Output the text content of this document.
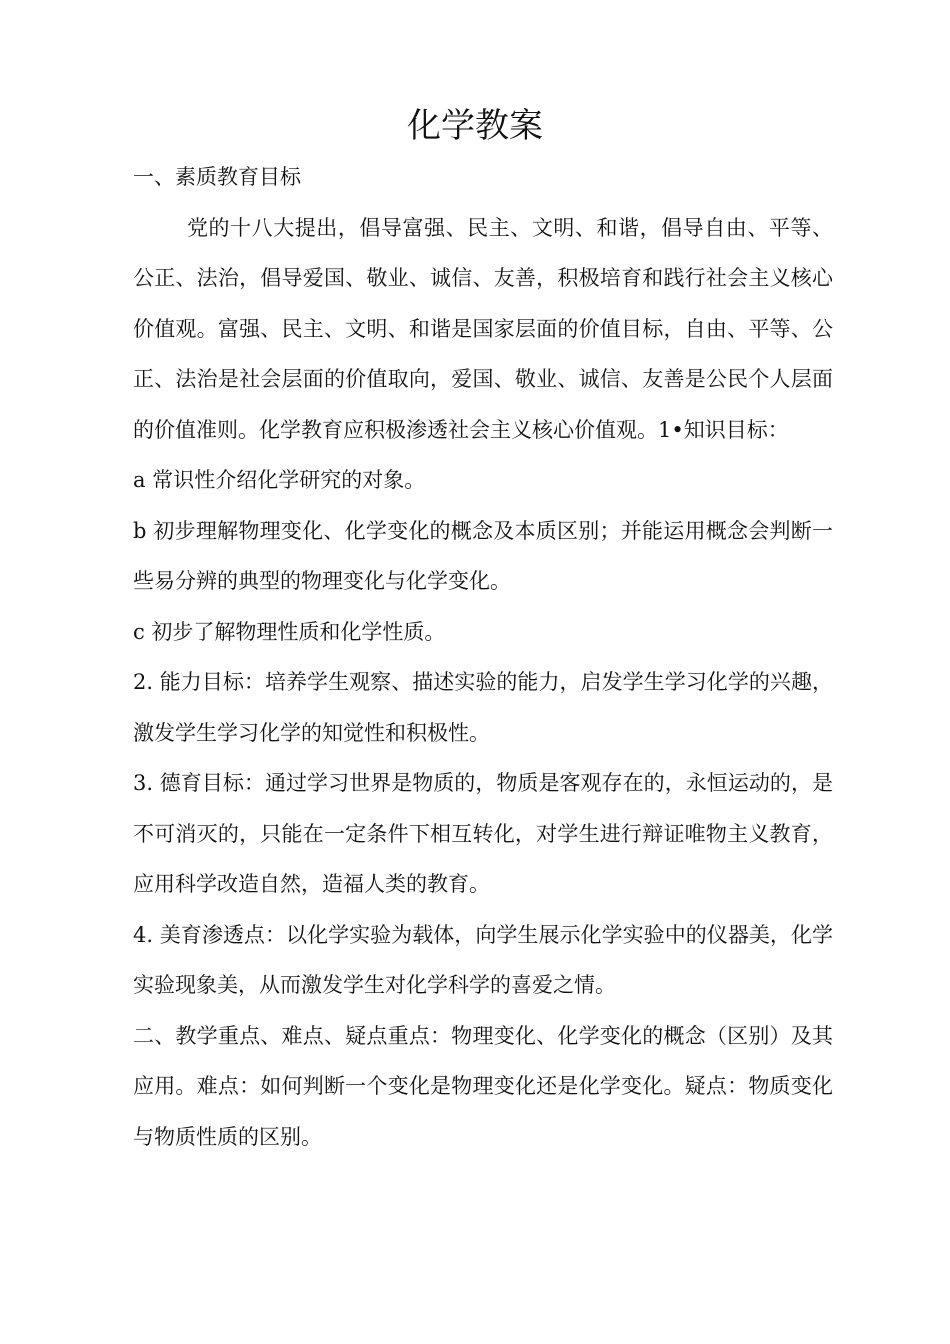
化学教案

一、素质教育目标

党的十八大提出，倡导富强、民主、文明、和谐，倡导自由、平等、公正、法治，倡导爱国、敬业、诚信、友善，积极培育和践行社会主义核心价值观。富强、民主、文明、和谐是国家层面的价值目标，自由、平等、公正、法治是社会层面的价值取向，爱国、敬业、诚信、友善是公民个人层面的价值准则。化学教育应积极渗透社会主义核心价值观。1•知识目标：

a 常识性介绍化学研究的对象。

b 初步理解物理变化、化学变化的概念及本质区别；并能运用概念会判断一些易分辨的典型的物理变化与化学变化。

c 初步了解物理性质和化学性质。

2. 能力目标：培养学生观察、描述实验的能力，启发学生学习化学的兴趣，激发学生学习化学的知觉性和积极性。

3. 德育目标：通过学习世界是物质的，物质是客观存在的，永恒运动的，是不可消灭的，只能在一定条件下相互转化，对学生进行辩证唯物主义教育，应用科学改造自然，造福人类的教育。

4. 美育渗透点：以化学实验为载体，向学生展示化学实验中的仪器美，化学实验现象美，从而激发学生对化学科学的喜爱之情。

二、教学重点、难点、疑点重点：物理变化、化学变化的概念（区别）及其应用。难点：如何判断一个变化是物理变化还是化学变化。疑点：物质变化与物质性质的区别。
